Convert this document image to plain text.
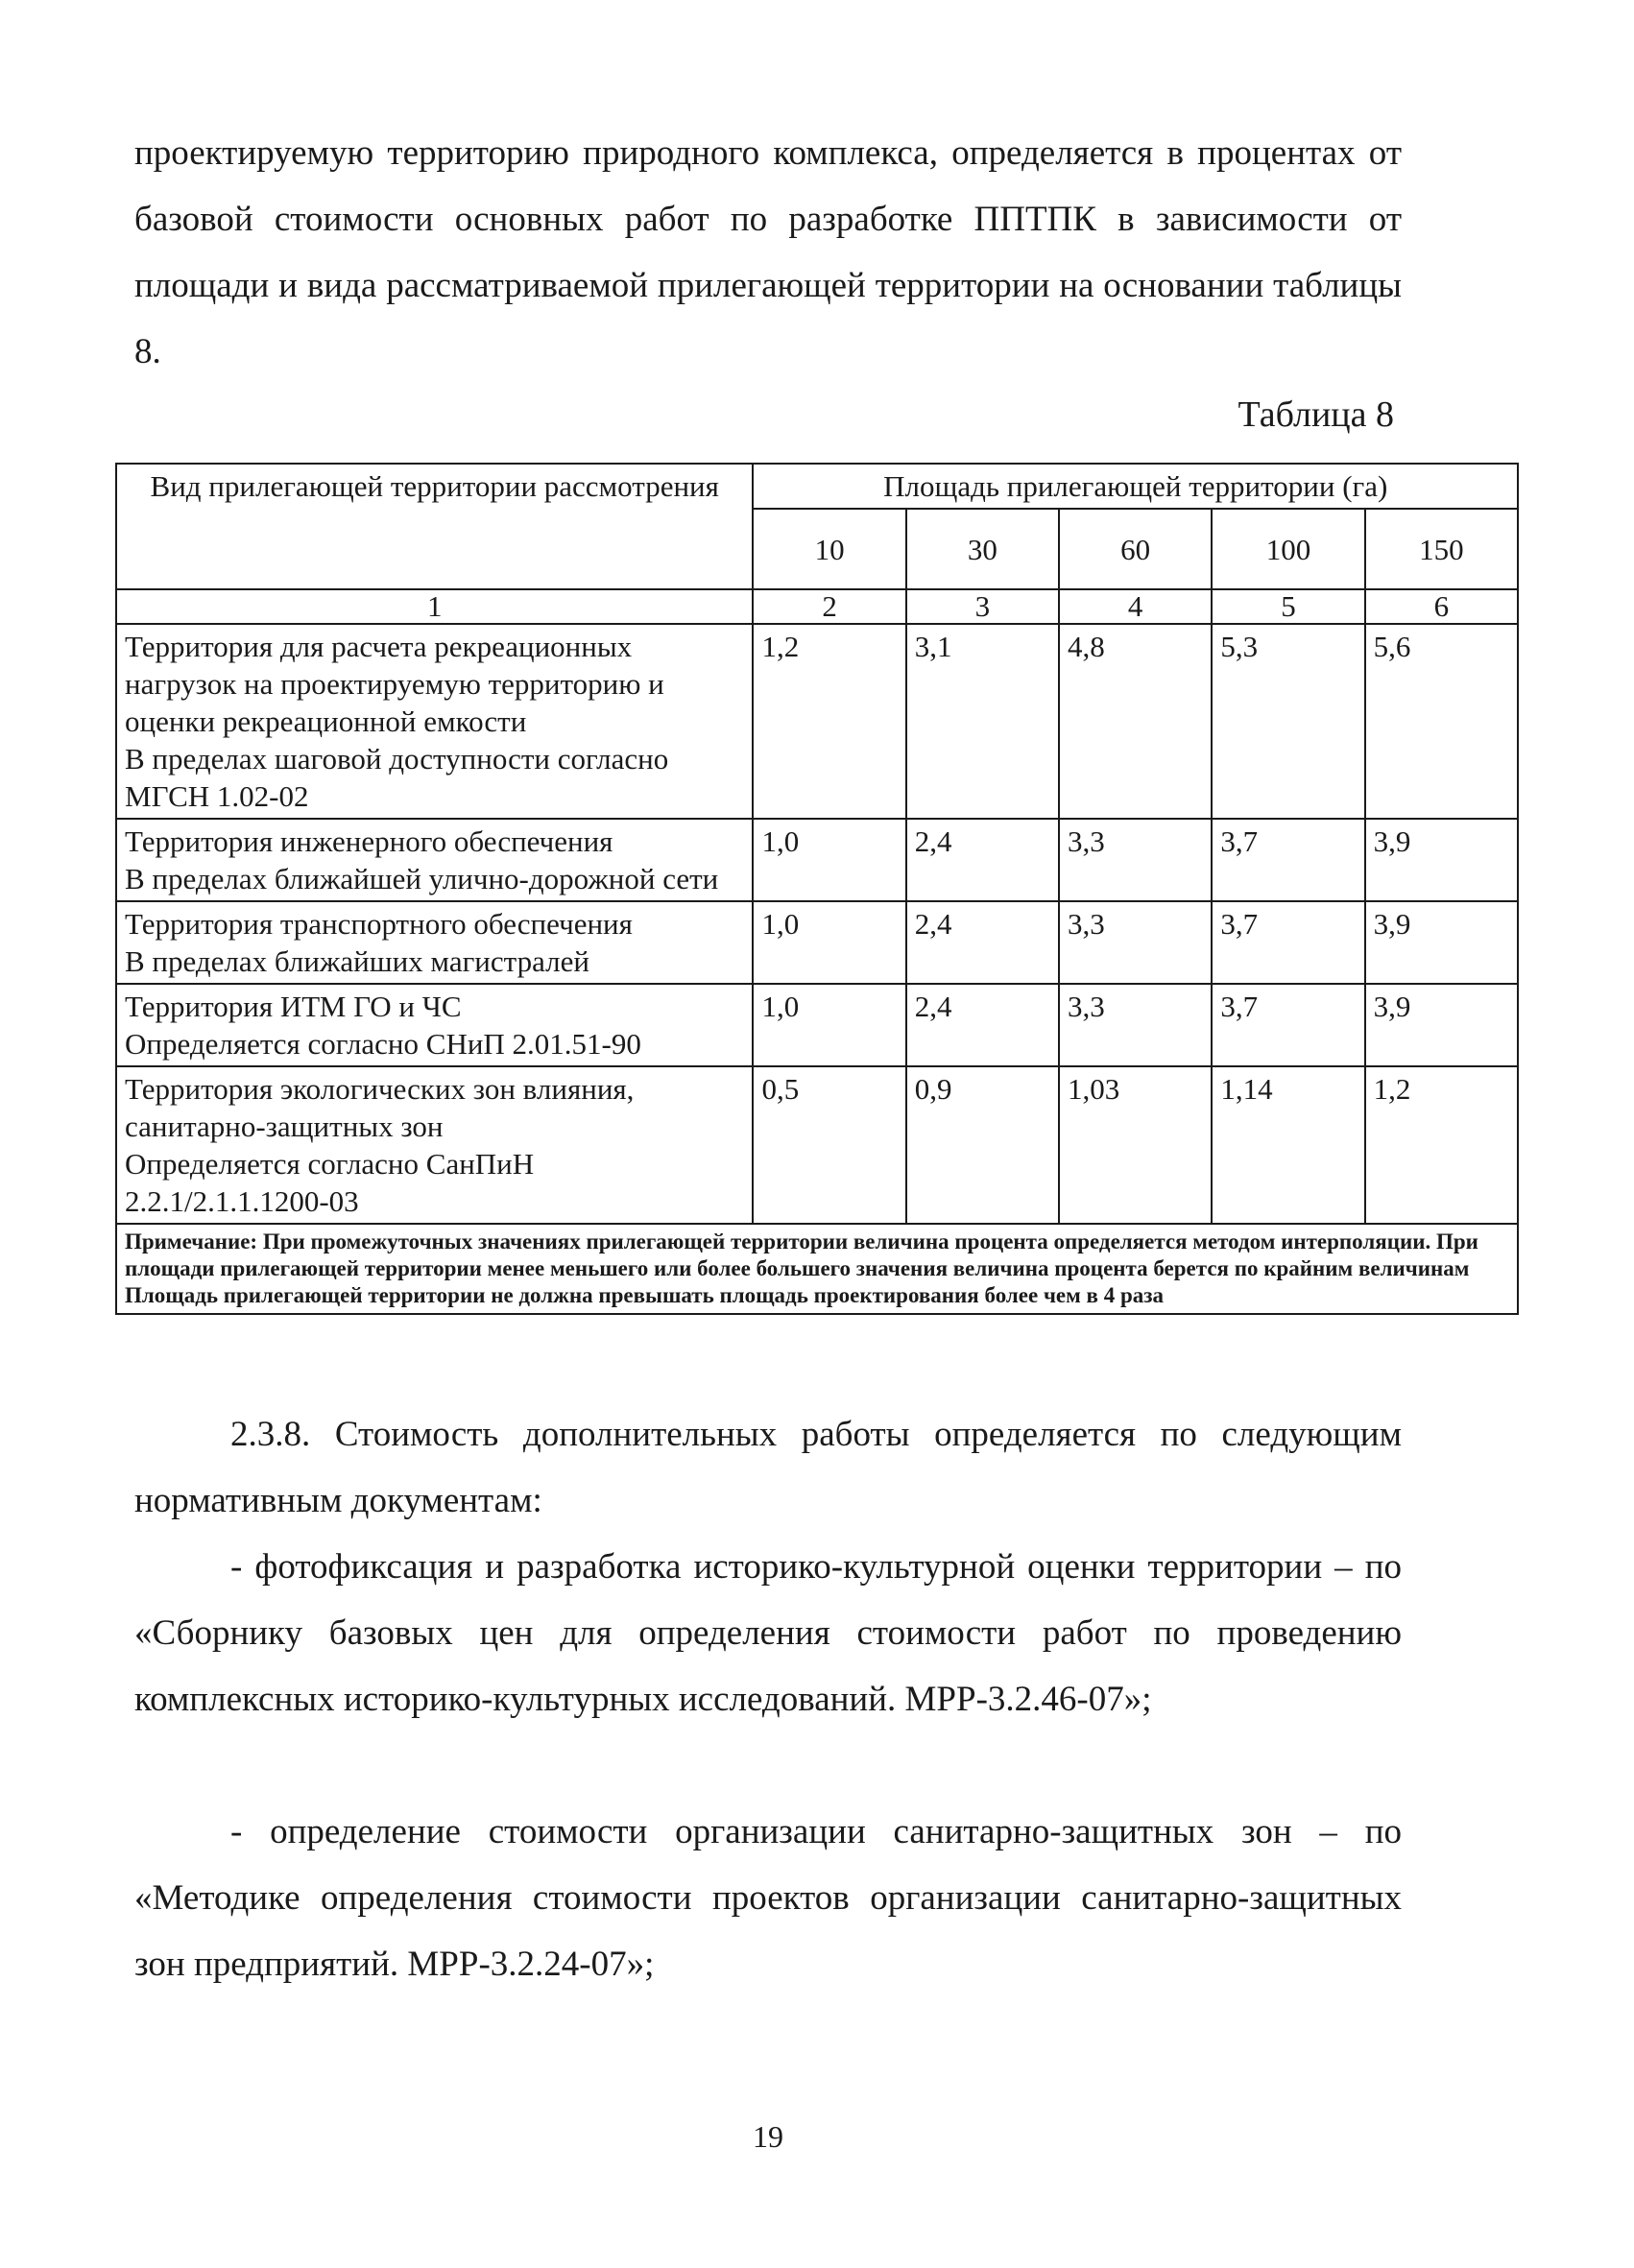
проектируемую территорию природного комплекса, определяется в процентах от базовой стоимости основных работ по разработке ППТПК в зависимости от площади и вида рассматриваемой прилегающей территории на основании таблицы 8.

Таблица 8

Вид прилегающей территории рассмотрения	Площадь прилегающей территории (га)				
	10	30	60	100	150
1	2	3	4	5	6

Территория для расчета рекреационных нагрузок на проектируемую территорию и оценки рекреационной емкости
В пределах шаговой доступности согласно МГСН 1.02-02	1,2	3,1	4,8	5,3	5,6

Территория инженерного обеспечения
В пределах ближайшей улично-дорожной сети	1,0	2,4	3,3	3,7	3,9

Территория транспортного обеспечения
В пределах ближайших магистралей	1,0	2,4	3,3	3,7	3,9

Территория ИТМ ГО и ЧС
Определяется согласно СНиП 2.01.51-90	1,0	2,4	3,3	3,7	3,9

Территория экологических зон влияния, санитарно-защитных зон
Определяется согласно СанПиН 2.2.1/2.1.1.1200-03	0,5	0,9	1,03	1,14	1,2

Примечание: При промежуточных значениях прилегающей территории величина процента определяется методом интерполяции. При площади прилегающей территории менее меньшего или более большего значения величина процента берется по крайним величинам
Площадь прилегающей территории не должна превышать площадь проектирования более чем в 4 раза					

2.3.8. Стоимость дополнительных работы определяется по следующим нормативным документам:

- фотофиксация и разработка историко-культурной оценки территории – по «Сборнику базовых цен для определения стоимости работ по проведению комплексных историко-культурных исследований. МРР-3.2.46-07»;

- определение стоимости организации санитарно-защитных зон – по «Методике определения стоимости проектов организации санитарно-защитных зон предприятий. МРР-3.2.24-07»;

19
